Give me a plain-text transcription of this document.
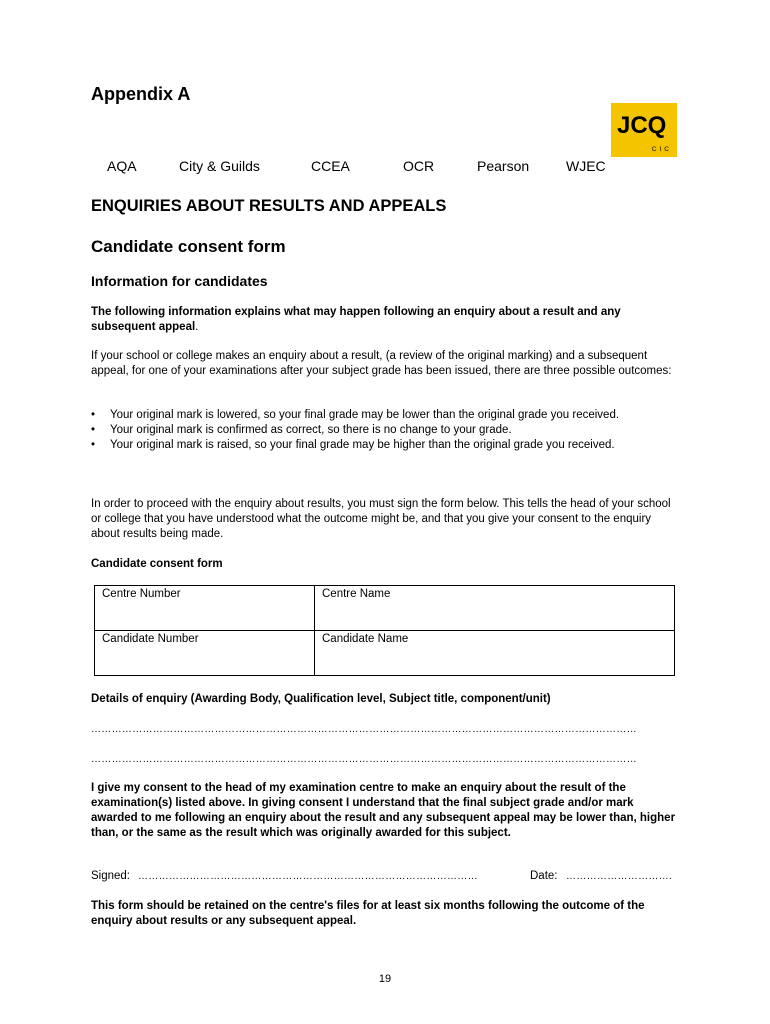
Appendix A
JCQ
CIC
AQA	City & Guilds	CCEA	OCR	Pearson	WJEC
ENQUIRIES ABOUT RESULTS AND APPEALS
Candidate consent form
Information for candidates
The following information explains what may happen following an enquiry about a result and any subsequent appeal.
If your school or college makes an enquiry about a result, (a review of the original marking) and a subsequent appeal, for one of your examinations after your subject grade has been issued, there are three possible outcomes:
• Your original mark is lowered, so your final grade may be lower than the original grade you received.
• Your original mark is confirmed as correct, so there is no change to your grade.
• Your original mark is raised, so your final grade may be higher than the original grade you received.
In order to proceed with the enquiry about results, you must sign the form below. This tells the head of your school or college that you have understood what the outcome might be, and that you give your consent to the enquiry about results being made.
Candidate consent form
Centre Number	Centre Name
Candidate Number	Candidate Name
Details of enquiry (Awarding Body, Qualification level, Subject title, component/unit)
……………………………………………………………………………………………………………………………………………
……………………………………………………………………………………………………………………………………………
I give my consent to the head of my examination centre to make an enquiry about the result of the examination(s) listed above. In giving consent I understand that the final subject grade and/or mark awarded to me following an enquiry about the result and any subsequent appeal may be lower than, higher than, or the same as the result which was originally awarded for this subject.
Signed: ………………………………………………………………………………………	Date: ………………………….
This form should be retained on the centre's files for at least six months following the outcome of the enquiry about results or any subsequent appeal.
19
